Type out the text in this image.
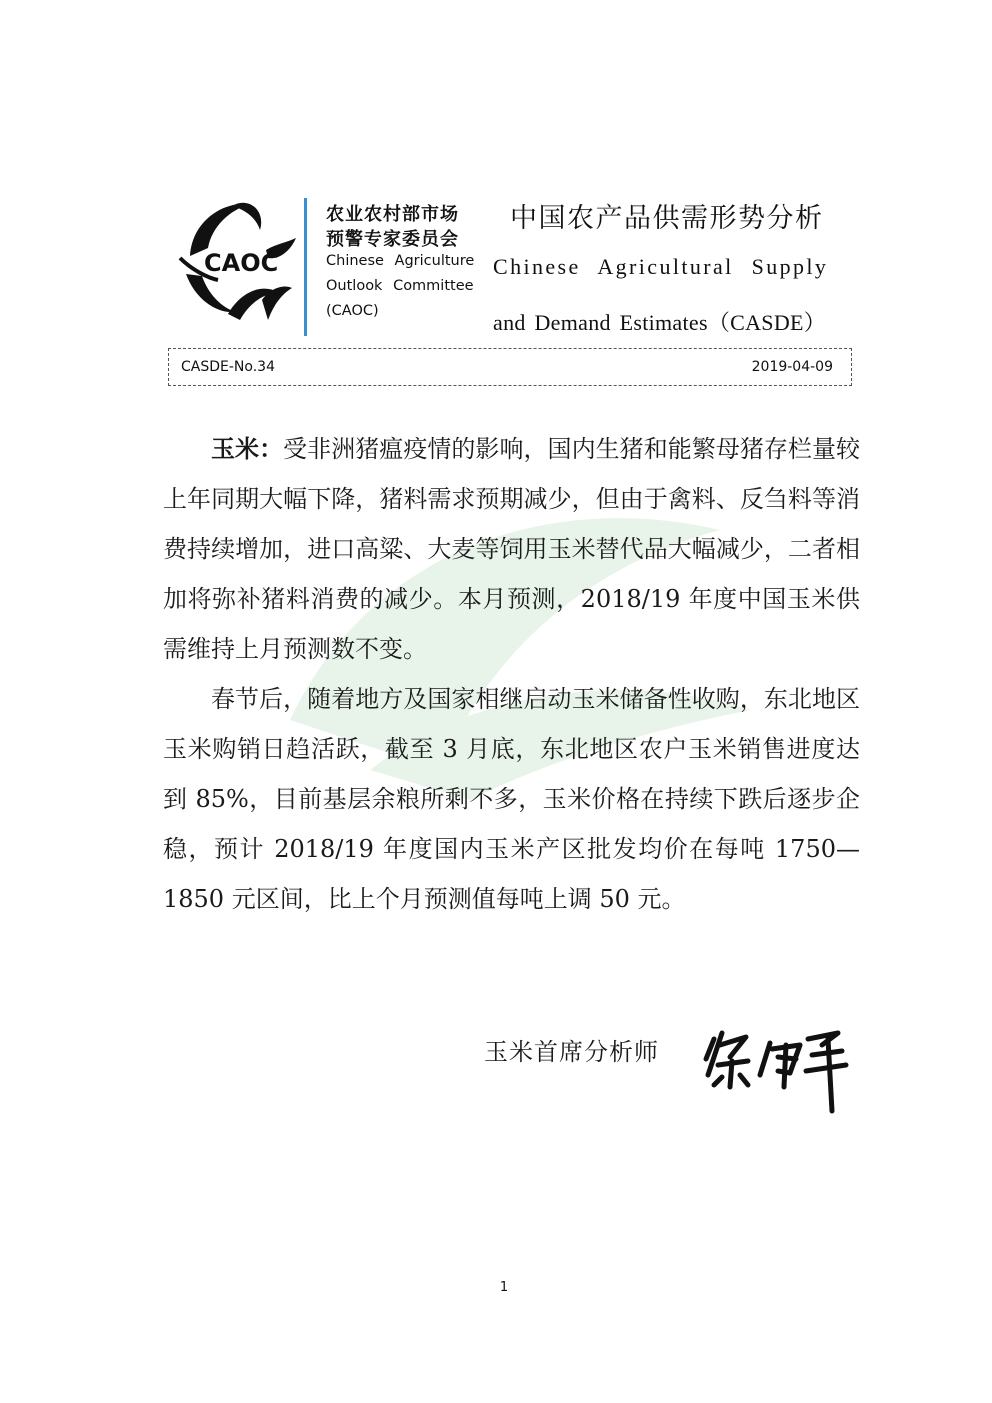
CAOC
农业农村部市场
预警专家委员会
Chinese Agriculture
Outlook Committee
(CAOC)
中国农产品供需形势分析
Chinese Agricultural Supply
and Demand Estimates（CASDE）
CASDE-No.34	2019-04-09

玉米：受非洲猪瘟疫情的影响，国内生猪和能繁母猪存栏量较上年同期大幅下降，猪料需求预期减少，但由于禽料、反刍料等消费持续增加，进口高粱、大麦等饲用玉米替代品大幅减少，二者相加将弥补猪料消费的减少。本月预测，2018/19 年度中国玉米供需维持上月预测数不变。

春节后，随着地方及国家相继启动玉米储备性收购，东北地区玉米购销日趋活跃，截至 3 月底，东北地区农户玉米销售进度达到 85%，目前基层余粮所剩不多，玉米价格在持续下跌后逐步企稳，预计 2018/19 年度国内玉米产区批发均价在每吨 1750—1850 元区间，比上个月预测值每吨上调 50 元。

玉米首席分析师
1
